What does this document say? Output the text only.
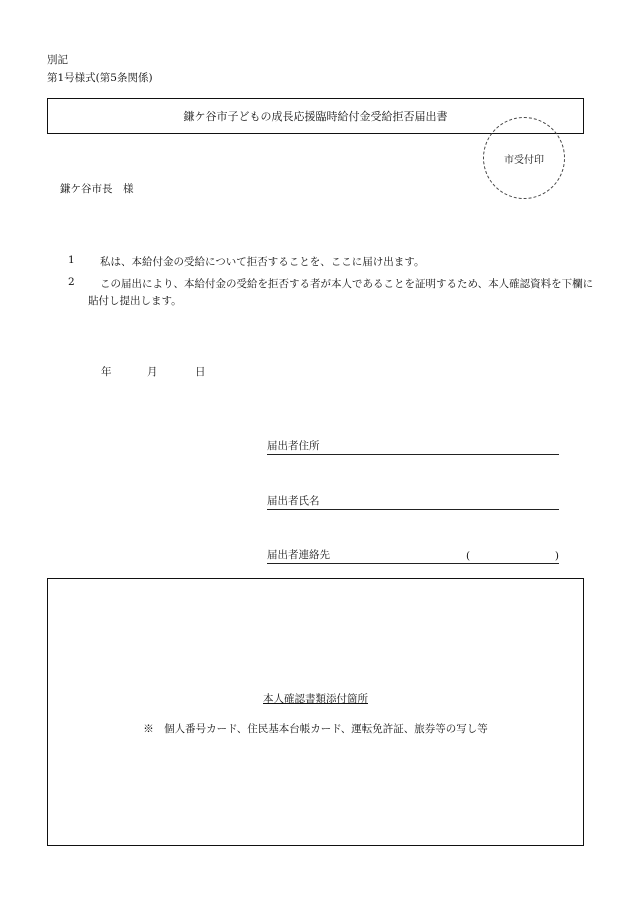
別記
第1号様式(第5条関係)
鎌ケ谷市子どもの成長応援臨時給付金受給拒否届出書
市受付印
鎌ケ谷市長　様
1	私は、本給付金の受給について拒否することを、ここに届け出ます。
2	この届出により、本給付金の受給を拒否する者が本人であることを証明するため、本人確認資料を下欄に貼付し提出します。
年	月	日
届出者住所
届出者氏名
届出者連絡先	(	)
本人確認書類添付箇所
※　個人番号カード、住民基本台帳カード、運転免許証、旅券等の写し等
